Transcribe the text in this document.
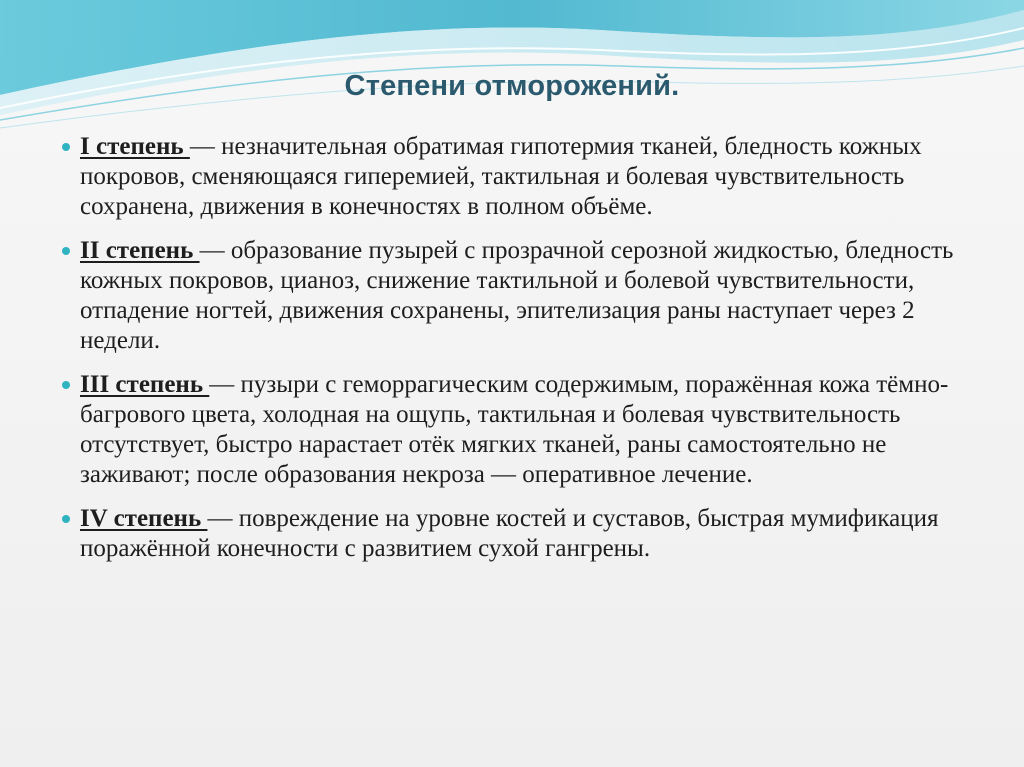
Степени отморожений.
I степень — незначительная обратимая гипотермия тканей, бледность кожных покровов, сменяющаяся гиперемией, тактильная и болевая чувствительность сохранена, движения в конечностях в полном объёме.
II степень — образование пузырей с прозрачной серозной жидкостью, бледность кожных покровов, цианоз, снижение тактильной и болевой чувствительности, отпадение ногтей, движения сохранены, эпителизация раны наступает через 2 недели.
III степень — пузыри с геморрагическим содержимым, поражённая кожа тёмно-багрового цвета, холодная на ощупь, тактильная и болевая чувствительность отсутствует, быстро нарастает отёк мягких тканей, раны самостоятельно не заживают; после образования некроза — оперативное лечение.
IV степень — повреждение на уровне костей и суставов, быстрая мумификация поражённой конечности с развитием сухой гангрены.
